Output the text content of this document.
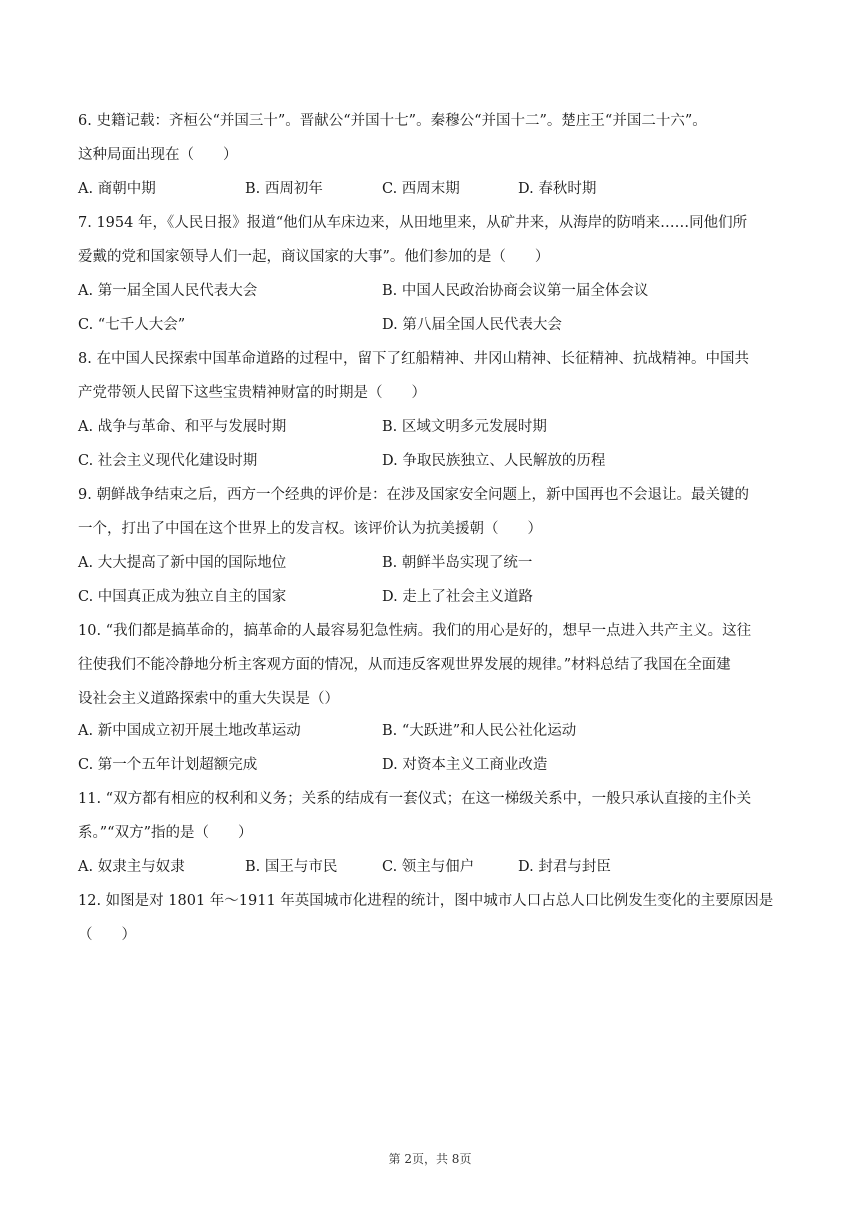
6. 史籍记载：齐桓公“并国三十”。晋献公“并国十七”。秦穆公“并国十二”。楚庄王“并国二十六”。
这种局面出现在（　　）
A. 商朝中期	B. 西周初年	C. 西周末期	D. 春秋时期
7. 1954 年，《人民日报》报道“他们从车床边来，从田地里来，从矿井来，从海岸的防哨来……同他们所
爱戴的党和国家领导人们一起，商议国家的大事”。他们参加的是（　　）
A. 第一届全国人民代表大会	B. 中国人民政治协商会议第一届全体会议
C. “七千人大会”	D. 第八届全国人民代表大会
8. 在中国人民探索中国革命道路的过程中，留下了红船精神、井冈山精神、长征精神、抗战精神。中国共
产党带领人民留下这些宝贵精神财富的时期是（　　）
A. 战争与革命、和平与发展时期	B. 区域文明多元发展时期
C. 社会主义现代化建设时期	D. 争取民族独立、人民解放的历程
9. 朝鲜战争结束之后，西方一个经典的评价是：在涉及国家安全问题上，新中国再也不会退让。最关键的
一个，打出了中国在这个世界上的发言权。该评价认为抗美援朝（　　）
A. 大大提高了新中国的国际地位	B. 朝鲜半岛实现了统一
C. 中国真正成为独立自主的国家	D. 走上了社会主义道路
10. “我们都是搞革命的，搞革命的人最容易犯急性病。我们的用心是好的，想早一点进入共产主义。这往
往使我们不能冷静地分析主客观方面的情况，从而违反客观世界发展的规律。”材料总结了我国在全面建
设社会主义道路探索中的重大失误是（）
A. 新中国成立初开展土地改革运动	B. “大跃进”和人民公社化运动
C. 第一个五年计划超额完成	D. 对资本主义工商业改造
11. “双方都有相应的权利和义务；关系的结成有一套仪式；在这一梯级关系中，一般只承认直接的主仆关
系。”“双方”指的是（　　）
A. 奴隶主与奴隶	B. 国王与市民	C. 领主与佃户	D. 封君与封臣
12. 如图是对 1801 年～1911 年英国城市化进程的统计，图中城市人口占总人口比例发生变化的主要原因是
（　　）
第 2页，共 8页
